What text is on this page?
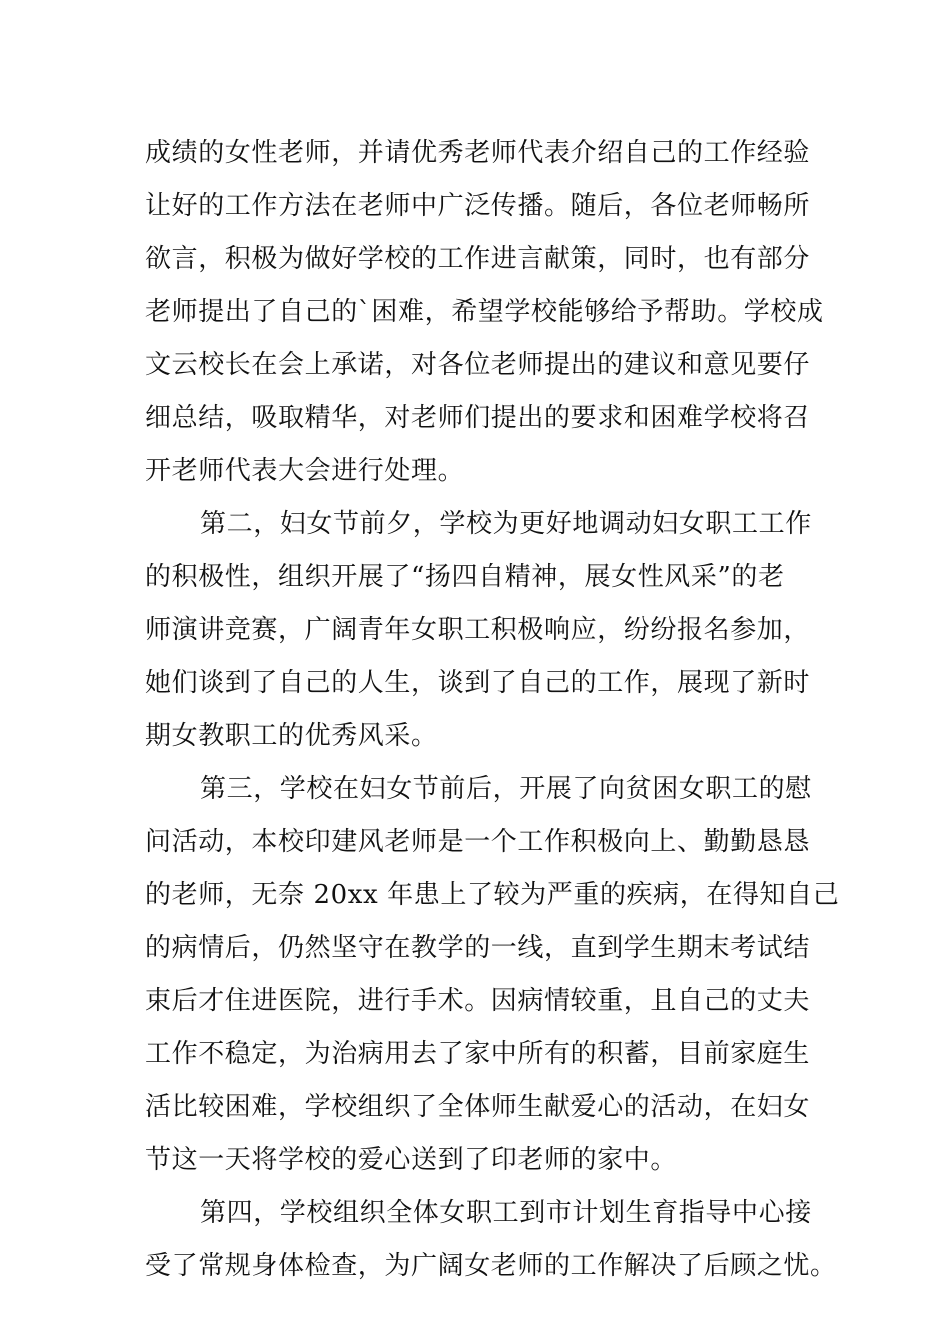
成绩的女性老师，并请优秀老师代表介绍自己的工作经验
让好的工作方法在老师中广泛传播。随后，各位老师畅所
欲言，积极为做好学校的工作进言献策，同时，也有部分
老师提出了自己的`困难，希望学校能够给予帮助。学校成
文云校长在会上承诺，对各位老师提出的建议和意见要仔
细总结，吸取精华，对老师们提出的要求和困难学校将召
开老师代表大会进行处理。
第二，妇女节前夕，学校为更好地调动妇女职工工作
的积极性，组织开展了“扬四自精神，展女性风采”的老
师演讲竞赛，广阔青年女职工积极响应，纷纷报名参加，
她们谈到了自己的人生，谈到了自己的工作，展现了新时
期女教职工的优秀风采。
第三，学校在妇女节前后，开展了向贫困女职工的慰
问活动，本校印建风老师是一个工作积极向上、勤勤恳恳
的老师，无奈 20xx 年患上了较为严重的疾病，在得知自己
的病情后，仍然坚守在教学的一线，直到学生期末考试结
束后才住进医院，进行手术。因病情较重，且自己的丈夫
工作不稳定，为治病用去了家中所有的积蓄，目前家庭生
活比较困难，学校组织了全体师生献爱心的活动，在妇女
节这一天将学校的爱心送到了印老师的家中。
第四，学校组织全体女职工到市计划生育指导中心接
受了常规身体检查，为广阔女老师的工作解决了后顾之忧。
